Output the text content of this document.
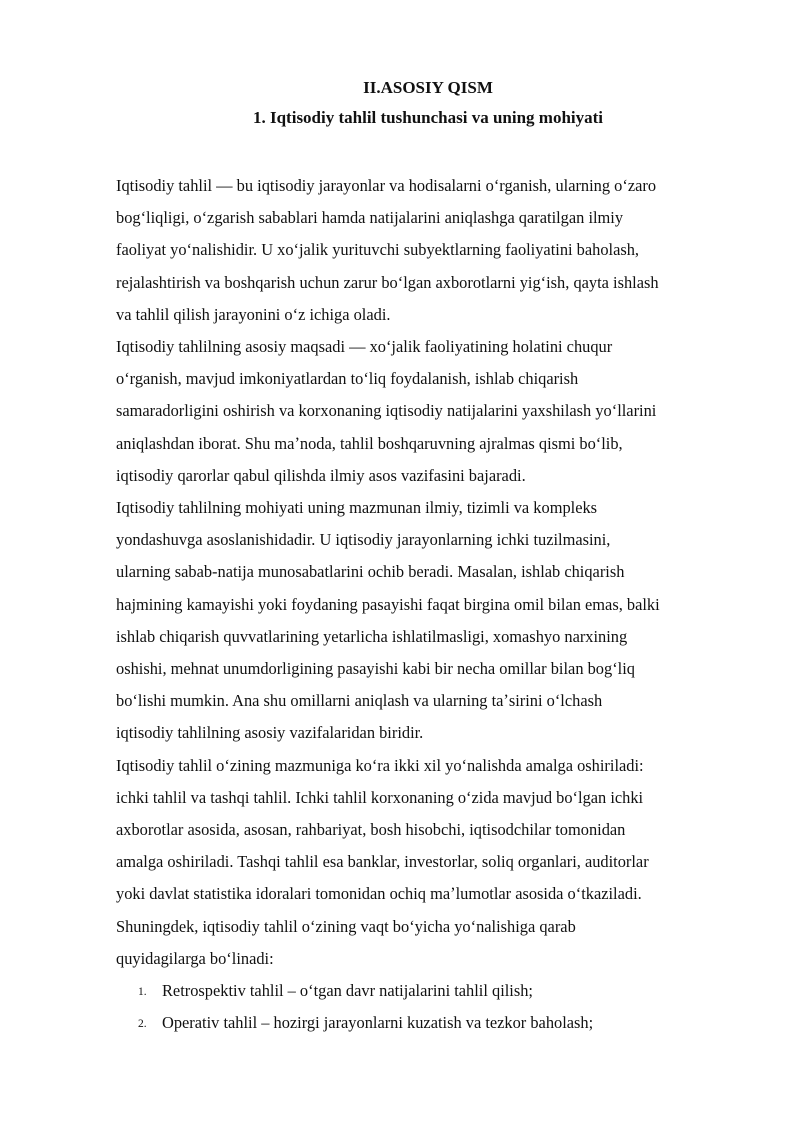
II.ASOSIY QISM
1. Iqtisodiy tahlil tushunchasi va uning mohiyati

Iqtisodiy tahlil — bu iqtisodiy jarayonlar va hodisalarni oʻrganish, ularning oʻzaro
bogʻliqligi, oʻzgarish sabablari hamda natijalarini aniqlashga qaratilgan ilmiy
faoliyat yoʻnalishidir. U xoʻjalik yurituvchi subyektlarning faoliyatini baholash,
rejalashtirish va boshqarish uchun zarur boʻlgan axborotlarni yigʻish, qayta ishlash
va tahlil qilish jarayonini oʻz ichiga oladi.

Iqtisodiy tahlilning asosiy maqsadi — xoʻjalik faoliyatining holatini chuqur
oʻrganish, mavjud imkoniyatlardan toʻliq foydalanish, ishlab chiqarish
samaradorligini oshirish va korxonaning iqtisodiy natijalarini yaxshilash yoʻllarini
aniqlashdan iborat. Shu maʼnoda, tahlil boshqaruvning ajralmas qismi boʻlib,
iqtisodiy qarorlar qabul qilishda ilmiy asos vazifasini bajaradi.

Iqtisodiy tahlilning mohiyati uning mazmunan ilmiy, tizimli va kompleks
yondashuvga asoslanishidadir. U iqtisodiy jarayonlarning ichki tuzilmasini,
ularning sabab-natija munosabatlarini ochib beradi. Masalan, ishlab chiqarish
hajmining kamayishi yoki foydaning pasayishi faqat birgina omil bilan emas, balki
ishlab chiqarish quvvatlarining yetarlicha ishlatilmasligi, xomashyo narxining
oshishi, mehnat unumdorligining pasayishi kabi bir necha omillar bilan bogʻliq
boʻlishi mumkin. Ana shu omillarni aniqlash va ularning taʼsirini oʻlchash
iqtisodiy tahlilning asosiy vazifalaridan biridir.

Iqtisodiy tahlil oʻzining mazmuniga koʻra ikki xil yoʻnalishda amalga oshiriladi:
ichki tahlil va tashqi tahlil. Ichki tahlil korxonaning oʻzida mavjud boʻlgan ichki
axborotlar asosida, asosan, rahbariyat, bosh hisobchi, iqtisodchilar tomonidan
amalga oshiriladi. Tashqi tahlil esa banklar, investorlar, soliq organlari, auditorlar
yoki davlat statistika idoralari tomonidan ochiq maʼlumotlar asosida oʻtkaziladi.
Shuningdek, iqtisodiy tahlil oʻzining vaqt boʻyicha yoʻnalishiga qarab
quyidagilarga boʻlinadi:

1. Retrospektiv tahlil – oʻtgan davr natijalarini tahlil qilish;
2. Operativ tahlil – hozirgi jarayonlarni kuzatish va tezkor baholash;
